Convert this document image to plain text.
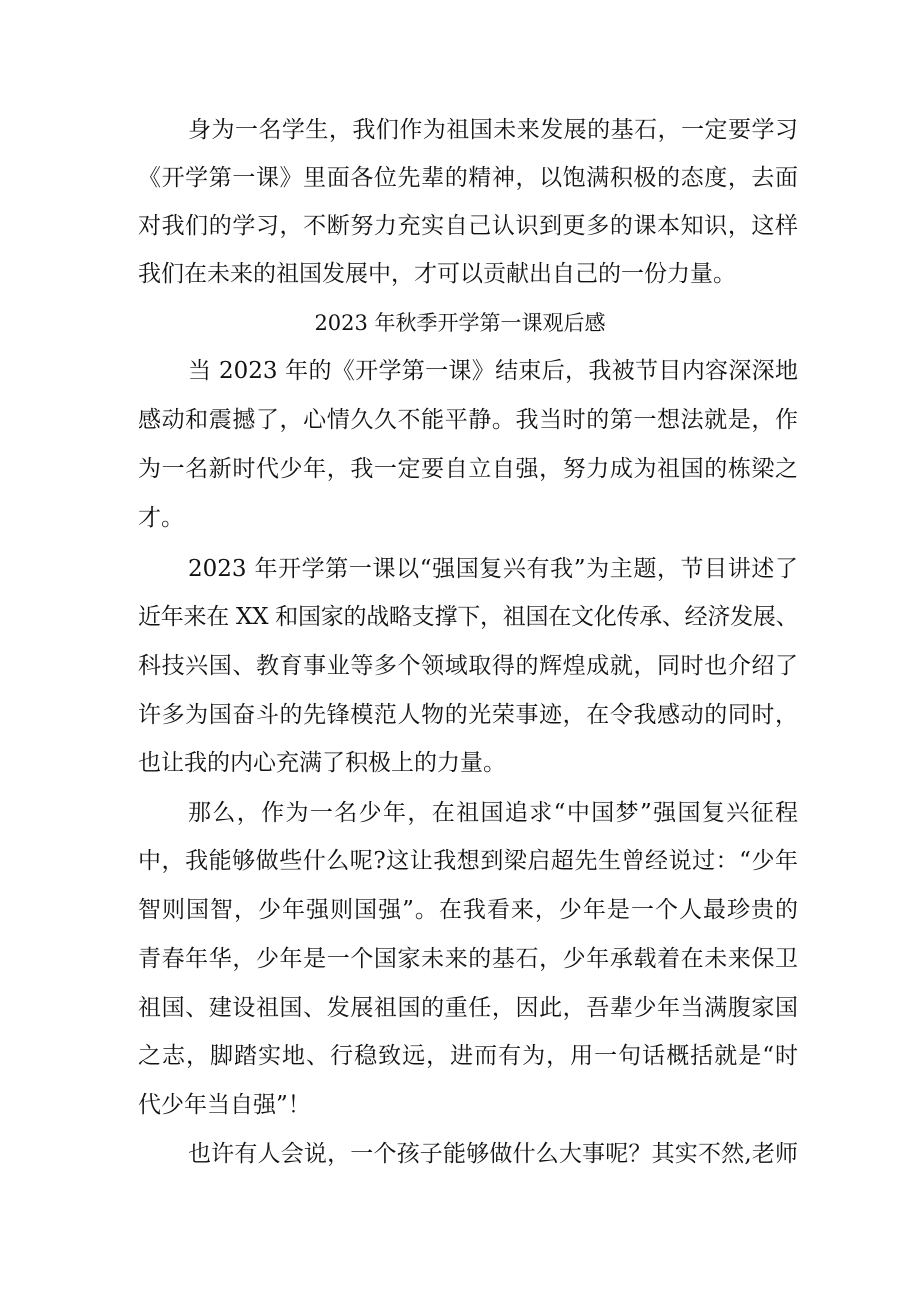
身为一名学生，我们作为祖国未来发展的基石，一定要学习
《开学第一课》里面各位先辈的精神，以饱满积极的态度，去面
对我们的学习，不断努力充实自己认识到更多的课本知识，这样
我们在未来的祖国发展中，才可以贡献出自己的一份力量。
2023 年秋季开学第一课观后感
当 2023 年的《开学第一课》结束后，我被节目内容深深地
感动和震撼了，心情久久不能平静。我当时的第一想法就是，作
为一名新时代少年，我一定要自立自强，努力成为祖国的栋梁之
才。
2023 年开学第一课以“强国复兴有我”为主题，节目讲述了
近年来在 XX 和国家的战略支撑下，祖国在文化传承、经济发展、
科技兴国、教育事业等多个领域取得的辉煌成就，同时也介绍了
许多为国奋斗的先锋模范人物的光荣事迹，在令我感动的同时，
也让我的内心充满了积极上的力量。
那么，作为一名少年，在祖国追求“中国梦”强国复兴征程
中，我能够做些什么呢?这让我想到梁启超先生曾经说过：“少年
智则国智，少年强则国强”。在我看来，少年是一个人最珍贵的
青春年华，少年是一个国家未来的基石，少年承载着在未来保卫
祖国、建设祖国、发展祖国的重任，因此，吾辈少年当满腹家国
之志，脚踏实地、行稳致远，进而有为，用一句话概括就是“时
代少年当自强”！
也许有人会说，一个孩子能够做什么大事呢？其实不然,老师
